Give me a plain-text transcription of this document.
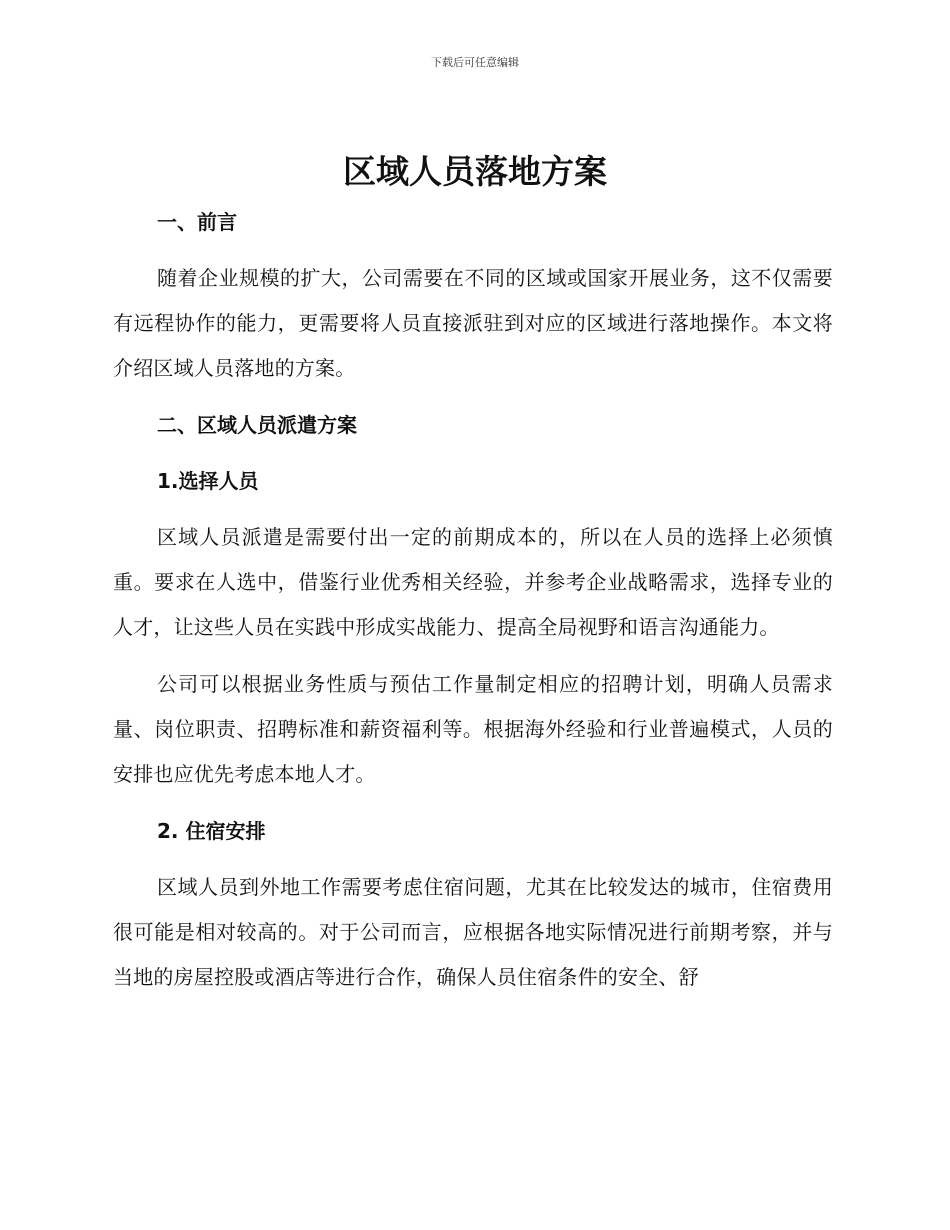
下载后可任意编辑
区域人员落地方案
一、前言

随着企业规模的扩大，公司需要在不同的区域或国家开展业务，这不仅需要有远程协作的能力，更需要将人员直接派驻到对应的区域进行落地操作。本文将介绍区域人员落地的方案。

二、区域人员派遣方案
1.选择人员

区域人员派遣是需要付出一定的前期成本的，所以在人员的选择上必须慎重。要求在人选中，借鉴行业优秀相关经验，并参考企业战略需求，选择专业的人才，让这些人员在实践中形成实战能力、提高全局视野和语言沟通能力。

公司可以根据业务性质与预估工作量制定相应的招聘计划，明确人员需求量、岗位职责、招聘标准和薪资福利等。根据海外经验和行业普遍模式，人员的安排也应优先考虑本地人才。

2. 住宿安排

区域人员到外地工作需要考虑住宿问题，尤其在比较发达的城市，住宿费用很可能是相对较高的。对于公司而言，应根据各地实际情况进行前期考察，并与当地的房屋控股或酒店等进行合作，确保人员住宿条件的安全、舒
